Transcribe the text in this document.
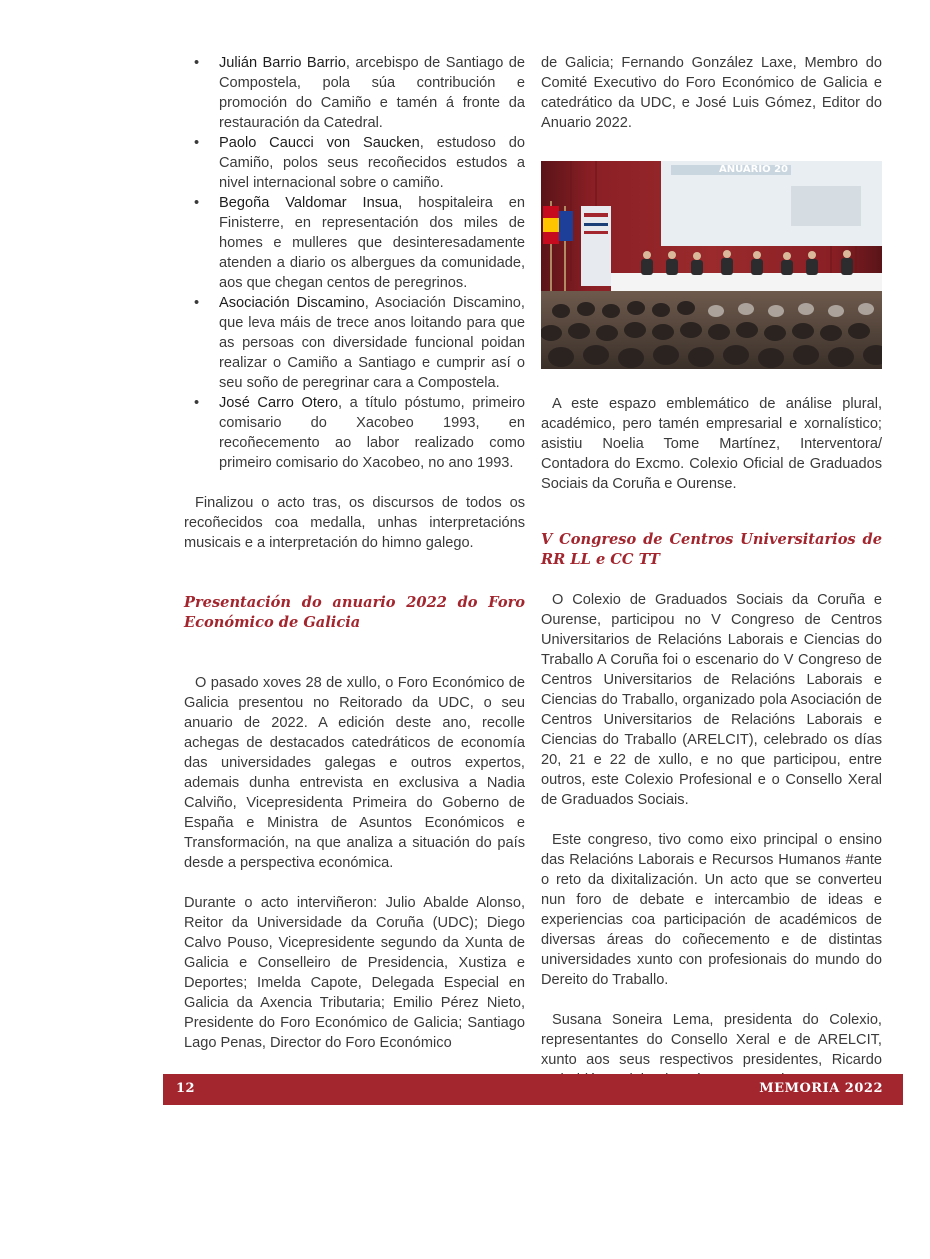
• Julián Barrio Barrio, arcebispo de Santiago de Compostela, pola súa contribución e promoción do Camiño e tamén á fronte da restauración da Catedral.
• Paolo Caucci von Saucken, estudoso do Camiño, polos seus recoñecidos estudos a nivel internacional sobre o camiño.
• Begoña Valdomar Insua, hospitaleira en Finisterre, en representación dos miles de homes e mulleres que desinteresadamente atenden a diario os albergues da comunidade, aos que chegan centos de peregrinos.
• Asociación Discamino, Asociación Discamino, que leva máis de trece anos loitando para que as persoas con diversidade funcional poidan realizar o Camiño a Santiago e cumprir así o seu soño de peregrinar cara a Compostela.
• José Carro Otero, a título póstumo, primeiro comisario do Xacobeo 1993, en recoñecemento ao labor realizado como primeiro comisario do Xacobeo, no ano 1993.

Finalizou o acto tras, os discursos de todos os recoñecidos coa medalla, unhas interpretacións musicais e a interpretación do himno galego.

Presentación do anuario 2022 do Foro Económico de Galicia

O pasado xoves 28 de xullo, o Foro Económico de Galicia presentou no Reitorado da UDC, o seu anuario de 2022. A edición deste ano, recolle achegas de destacados catedráticos de economía das universidades galegas e outros expertos, ademais dunha entrevista en exclusiva a Nadia Calviño, Vicepresidenta Primeira do Goberno de España e Ministra de Asuntos Económicos e Transformación, na que analiza a situación do país desde a perspectiva económica.

Durante o acto interviñeron: Julio Abalde Alonso, Reitor da Universidade da Coruña (UDC); Diego Calvo Pouso, Vicepresidente segundo da Xunta de Galicia e Conselleiro de Presidencia, Xustiza e Deportes; Imelda Capote, Delegada Especial en Galicia da Axencia Tributaria; Emilio Pérez Nieto, Presidente do Foro Económico de Galicia; Santiago Lago Penas, Director do Foro Económico

de Galicia; Fernando González Laxe, Membro do Comité Executivo do Foro Económico de Galicia e catedrático da UDC, e José Luis Gómez, Editor do Anuario 2022.

ANUARIO 20

A este espazo emblemático de análise plural, académico, pero tamén empresarial e xornalístico; asistiu Noelia Tome Martínez, Interventora/ Contadora do Excmo. Colexio Oficial de Graduados Sociais da Coruña e Ourense.

V Congreso de Centros Universitarios de RR LL e CC TT

O Colexio de Graduados Sociais da Coruña e Ourense, participou no V Congreso de Centros Universitarios de Relacións Laborais e Ciencias do Traballo A Coruña foi o escenario do V Congreso de Centros Universitarios de Relacións Laborais e Ciencias do Traballo, organizado pola Asociación de Centros Universitarios de Relacións Laborais e Ciencias do Traballo (ARELCIT), celebrado os días 20, 21 e 22 de xullo, e no que participou, entre outros, este Colexio Profesional e o Consello Xeral de Graduados Sociais.

Este congreso, tivo como eixo principal o ensino das Relacións Laborais e Recursos Humanos #ante o reto da dixitalización. Un acto que se converteu nun foro de debate e intercambio de ideas e experiencias coa participación de académicos de diversas áreas do coñecemento e de distintas universidades xunto con profesionais do mundo do Dereito do Traballo.

Susana Soneira Lema, presidenta do Colexio, representantes do Consello Xeral e de ARELCIT, xunto aos seus respectivos presidentes, Ricardo

12	MEMORIA 2022
